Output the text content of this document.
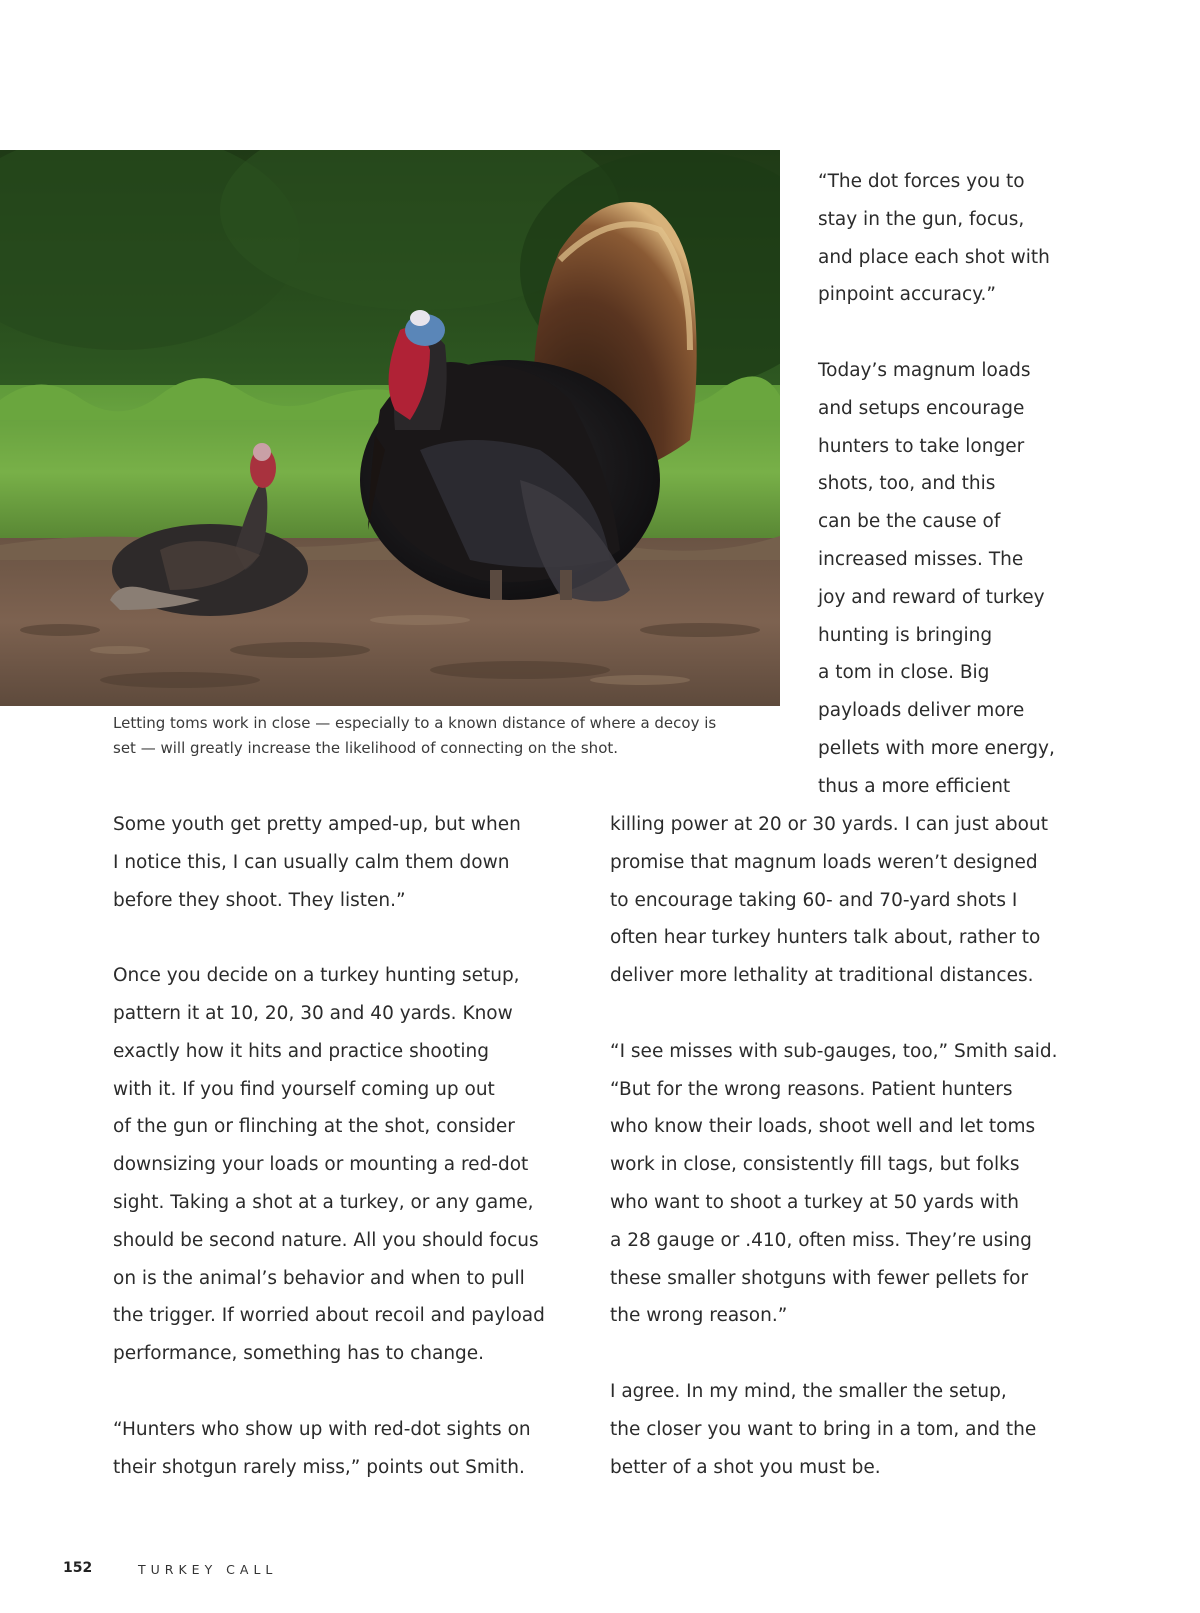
Letting toms work in close — especially to a known distance of where a decoy is

set — will greatly increase the likelihood of connecting on the shot.

“The dot forces you to
stay in the gun, focus,
and place each shot with
pinpoint accuracy.”
Today’s magnum loads
and setups encourage
hunters to take longer
shots, too, and this
can be the cause of
increased misses. The
joy and reward of turkey
hunting is bringing
a tom in close. Big
payloads deliver more
pellets with more energy,
thus a more efficient
Some youth get pretty amped-up, but when
I notice this, I can usually calm them down
before they shoot. They listen.”
Once you decide on a turkey hunting setup,
pattern it at 10, 20, 30 and 40 yards. Know
exactly how it hits and practice shooting
with it. If you find yourself coming up out
of the gun or flinching at the shot, consider
downsizing your loads or mounting a red-dot
sight. Taking a shot at a turkey, or any game,
should be second nature. All you should focus
on is the animal’s behavior and when to pull
the trigger. If worried about recoil and payload
performance, something has to change.
“Hunters who show up with red-dot sights on
their shotgun rarely miss,” points out Smith.
killing power at 20 or 30 yards. I can just about
promise that magnum loads weren’t designed
to encourage taking 60- and 70-yard shots I
often hear turkey hunters talk about, rather to
deliver more lethality at traditional distances.
“I see misses with sub-gauges, too,” Smith said.
“But for the wrong reasons. Patient hunters
who know their loads, shoot well and let toms
work in close, consistently fill tags, but folks
who want to shoot a turkey at 50 yards with
a 28 gauge or .410, often miss. They’re using
these smaller shotguns with fewer pellets for
the wrong reason.”
I agree. In my mind, the smaller the setup,
the closer you want to bring in a tom, and the
better of a shot you must be.
152	TURKEY CALL
